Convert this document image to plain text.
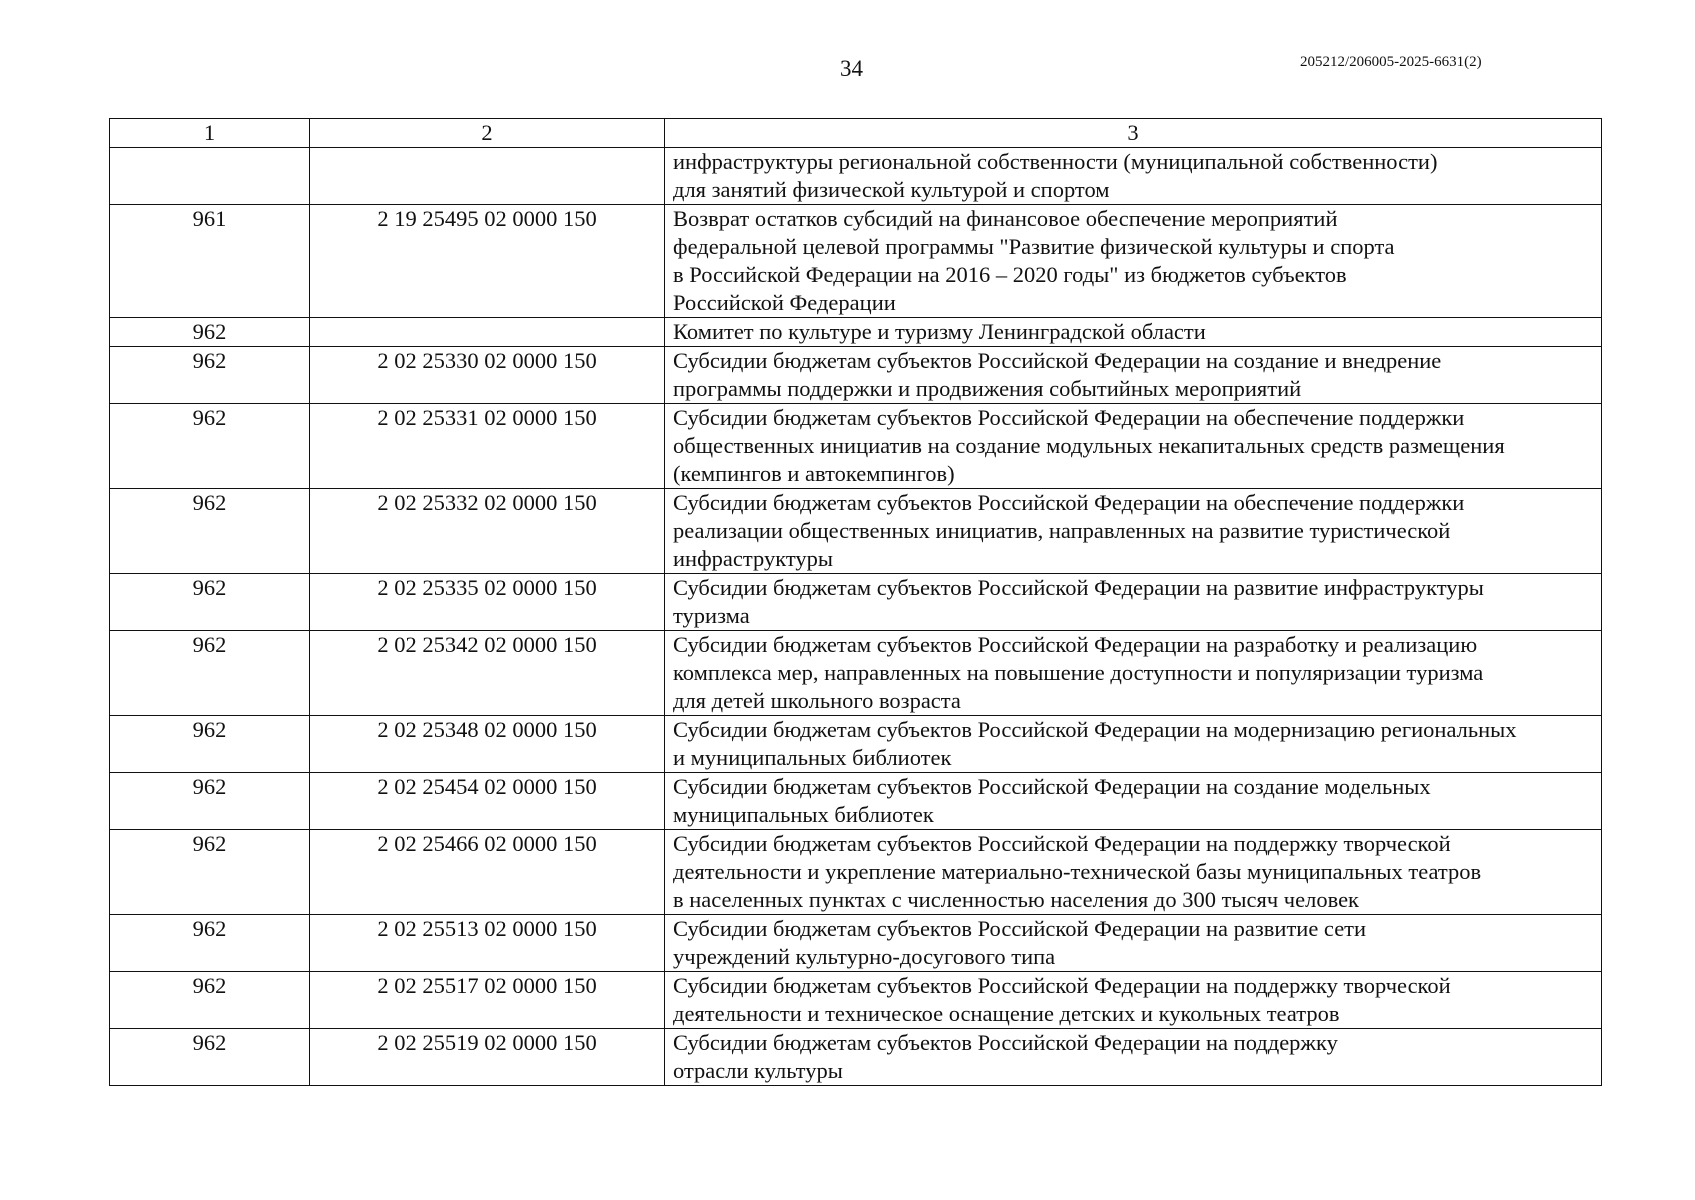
34	205212/206005-2025-6631(2)
1	2	3

		инфраструктуры региональной собственности (муниципальной собственности)
для занятий физической культурой и спортом

961	2 19 25495 02 0000 150	Возврат остатков субсидий на финансовое обеспечение мероприятий
федеральной целевой программы "Развитие физической культуры и спорта
в Российской Федерации на 2016 – 2020 годы" из бюджетов субъектов
Российской Федерации

962		Комитет по культуре и туризму Ленинградской области

962	2 02 25330 02 0000 150	Субсидии бюджетам субъектов Российской Федерации на создание и внедрение
программы поддержки и продвижения событийных мероприятий

962	2 02 25331 02 0000 150	Субсидии бюджетам субъектов Российской Федерации на обеспечение поддержки
общественных инициатив на создание модульных некапитальных средств размещения
(кемпингов и автокемпингов)

962	2 02 25332 02 0000 150	Субсидии бюджетам субъектов Российской Федерации на обеспечение поддержки
реализации общественных инициатив, направленных на развитие туристической
инфраструктуры

962	2 02 25335 02 0000 150	Субсидии бюджетам субъектов Российской Федерации на развитие инфраструктуры
туризма

962	2 02 25342 02 0000 150	Субсидии бюджетам субъектов Российской Федерации на разработку и реализацию
комплекса мер, направленных на повышение доступности и популяризации туризма
для детей школьного возраста

962	2 02 25348 02 0000 150	Субсидии бюджетам субъектов Российской Федерации на модернизацию региональных
и муниципальных библиотек

962	2 02 25454 02 0000 150	Субсидии бюджетам субъектов Российской Федерации на создание модельных
муниципальных библиотек

962	2 02 25466 02 0000 150	Субсидии бюджетам субъектов Российской Федерации на поддержку творческой
деятельности и укрепление материально-технической базы муниципальных театров
в населенных пунктах с численностью населения до 300 тысяч человек

962	2 02 25513 02 0000 150	Субсидии бюджетам субъектов Российской Федерации на развитие сети
учреждений культурно-досугового типа

962	2 02 25517 02 0000 150	Субсидии бюджетам субъектов Российской Федерации на поддержку творческой
деятельности и техническое оснащение детских и кукольных театров

962	2 02 25519 02 0000 150	Субсидии бюджетам субъектов Российской Федерации на поддержку
отрасли культуры
